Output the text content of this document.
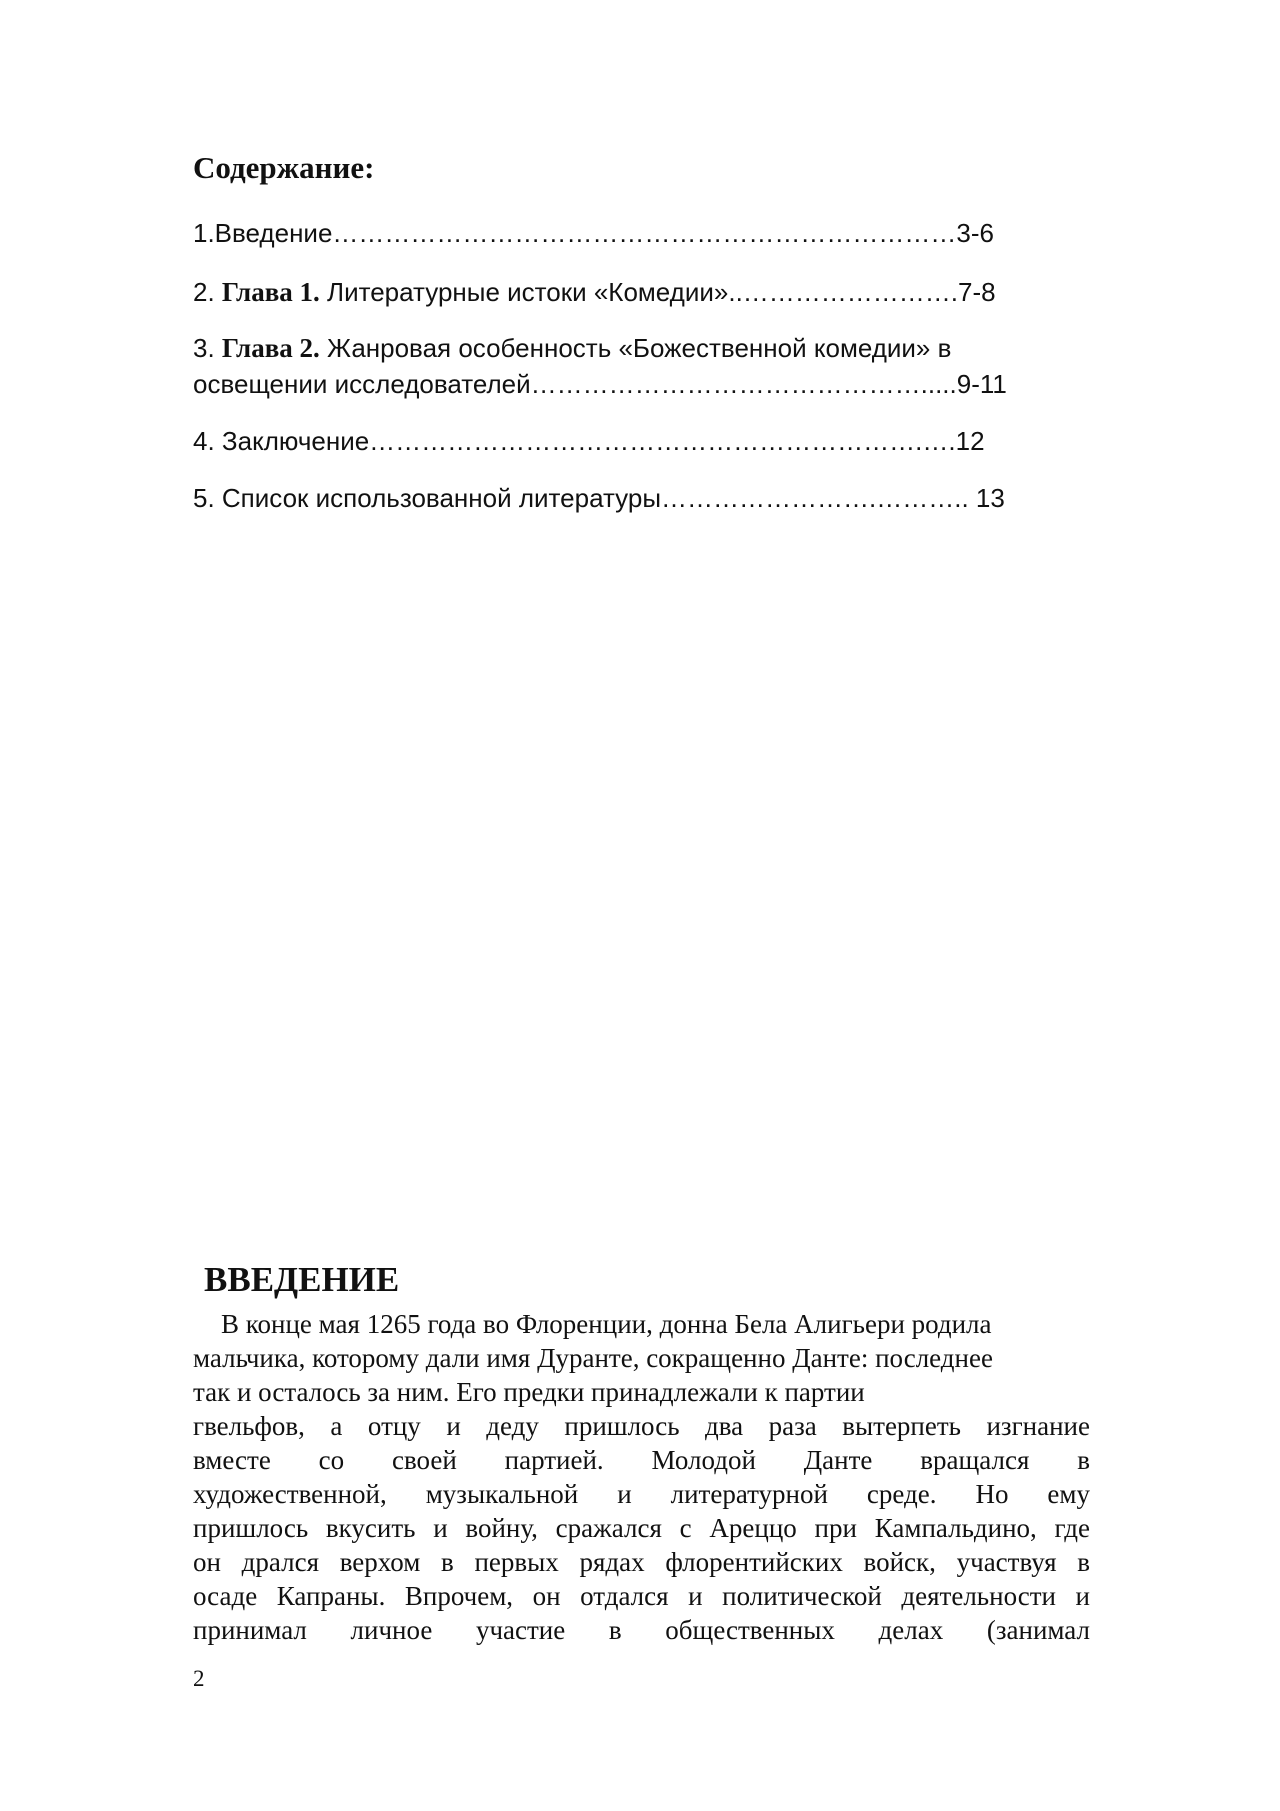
Содержание:
1.Введение………………………………………………………………3-6
2. Глава 1. Литературные истоки «Комедии»..…………………….7-8
3. Глава 2. Жанровая особенность «Божественной комедии» в
освещении исследователей……………………………………….....9-11
4. Заключение……………………………………………………….….12
5. Список использованной литературы…………………….……….. 13
ВВЕДЕНИЕ
В конце мая 1265 года во Флоренции, донна Бела Алигьери родила
мальчика, которому дали имя Дуранте, сокращенно Данте: последнее
так и осталось за ним. Его предки принадлежали к партии
гвельфов, а отцу и деду пришлось два раза вытерпеть изгнание
вместе со своей партией. Молодой Данте вращался в
художественной, музыкальной и литературной среде. Но ему
пришлось вкусить и войну, сражался с Ареццо при Кампальдино, где
он дрался верхом в первых рядах флорентийских войск, участвуя в
осаде Капраны. Впрочем, он отдался и политической деятельности и
принимал личное участие в общественных делах (занимал
2
